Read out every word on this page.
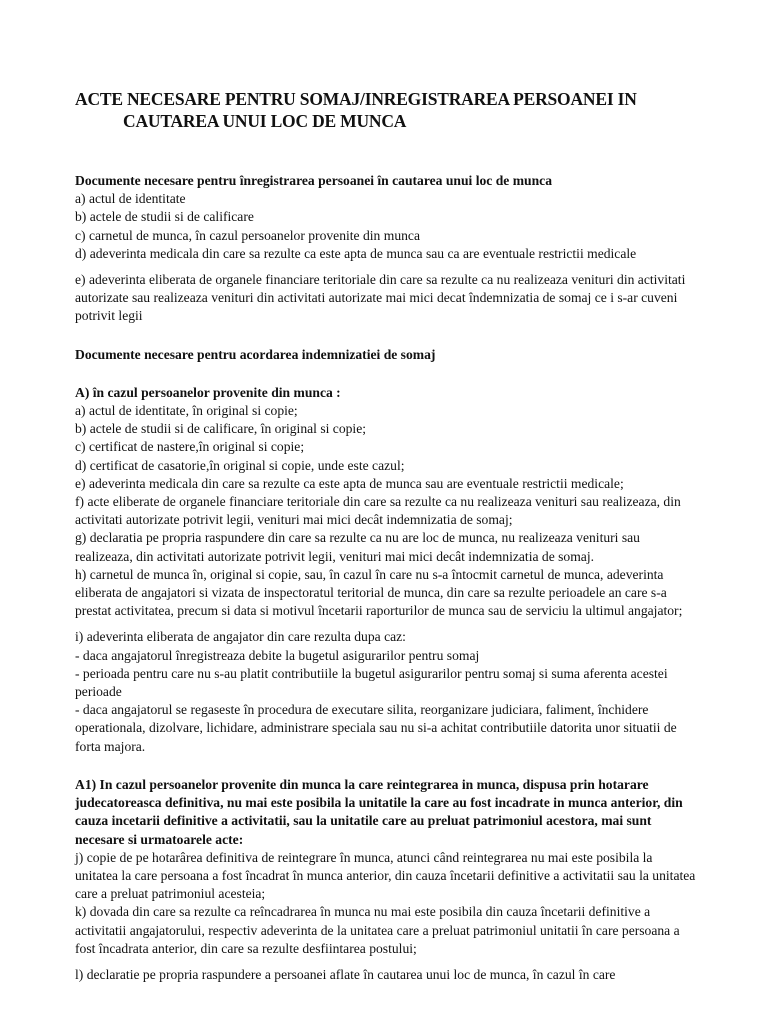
ACTE NECESARE PENTRU SOMAJ/INREGISTRAREA PERSOANEI IN
CAUTAREA UNUI LOC DE MUNCA

Documente necesare pentru înregistrarea persoanei în cautarea unui loc de munca

a) actul de identitate

b) actele de studii si de calificare

c) carnetul de munca, în cazul persoanelor provenite din munca

d) adeverinta medicala din care sa rezulte ca este apta de munca sau ca are eventuale restrictii medicale

e) adeverinta eliberata de organele financiare teritoriale din care sa rezulte ca nu realizeaza venituri din activitati autorizate sau realizeaza venituri din activitati autorizate mai mici decat îndemnizatia de somaj ce i s-ar cuveni potrivit legii

Documente necesare pentru acordarea indemnizatiei de somaj

A) în cazul persoanelor provenite din munca :

a) actul de identitate, în original si copie;

b) actele de studii si de calificare, în original si copie;

c) certificat de nastere,în original si copie;

d) certificat de casatorie,în original si copie, unde este cazul;

e) adeverinta medicala din care sa rezulte ca este apta de munca sau are eventuale restrictii medicale;

f) acte eliberate de organele financiare teritoriale din care sa rezulte ca nu realizeaza venituri sau realizeaza, din activitati autorizate potrivit legii, venituri mai mici decât indemnizatia de somaj;

g) declaratia pe propria raspundere din care sa rezulte ca nu are loc de munca, nu realizeaza venituri sau realizeaza, din activitati autorizate potrivit legii, venituri mai mici decât indemnizatia de somaj.

h) carnetul de munca în, original si copie, sau, în cazul în care nu s-a întocmit carnetul de munca, adeverinta eliberata de angajatori si vizata de inspectoratul teritorial de munca, din care sa rezulte perioadele an care s-a prestat activitatea, precum si data si motivul încetarii raporturilor de munca sau de serviciu la ultimul angajator;

i) adeverinta eliberata de angajator din care rezulta dupa caz:

- daca angajatorul înregistreaza debite la bugetul asigurarilor pentru somaj

- perioada pentru care nu s-au platit contributiile la bugetul asigurarilor pentru somaj si suma aferenta acestei perioade

- daca angajatorul se regaseste în procedura de executare silita, reorganizare judiciara, faliment, închidere operationala, dizolvare, lichidare, administrare speciala sau nu si-a achitat contributiile datorita unor situatii de forta majora.

A1) In cazul persoanelor provenite din munca la care reintegrarea in munca, dispusa prin hotarare judecatoreasca definitiva, nu mai este posibila la unitatile la care au fost incadrate in munca anterior, din cauza incetarii definitive a activitatii, sau la unitatile care au preluat patrimoniul acestora, mai sunt necesare si urmatoarele acte:

j) copie de pe hotarârea definitiva de reintegrare în munca, atunci când reintegrarea nu mai este posibila la unitatea la care persoana a fost încadrat în munca anterior, din cauza încetarii definitive a activitatii sau la unitatea care a preluat patrimoniul acesteia;

k) dovada din care sa rezulte ca reîncadrarea în munca nu mai este posibila din cauza încetarii definitive a activitatii angajatorului, respectiv adeverinta de la unitatea care a preluat patrimoniul unitatii în care persoana a fost încadrata anterior, din care sa rezulte desfiintarea postului;

l) declaratie pe propria raspundere a persoanei aflate în cautarea unui loc de munca, în cazul în care
